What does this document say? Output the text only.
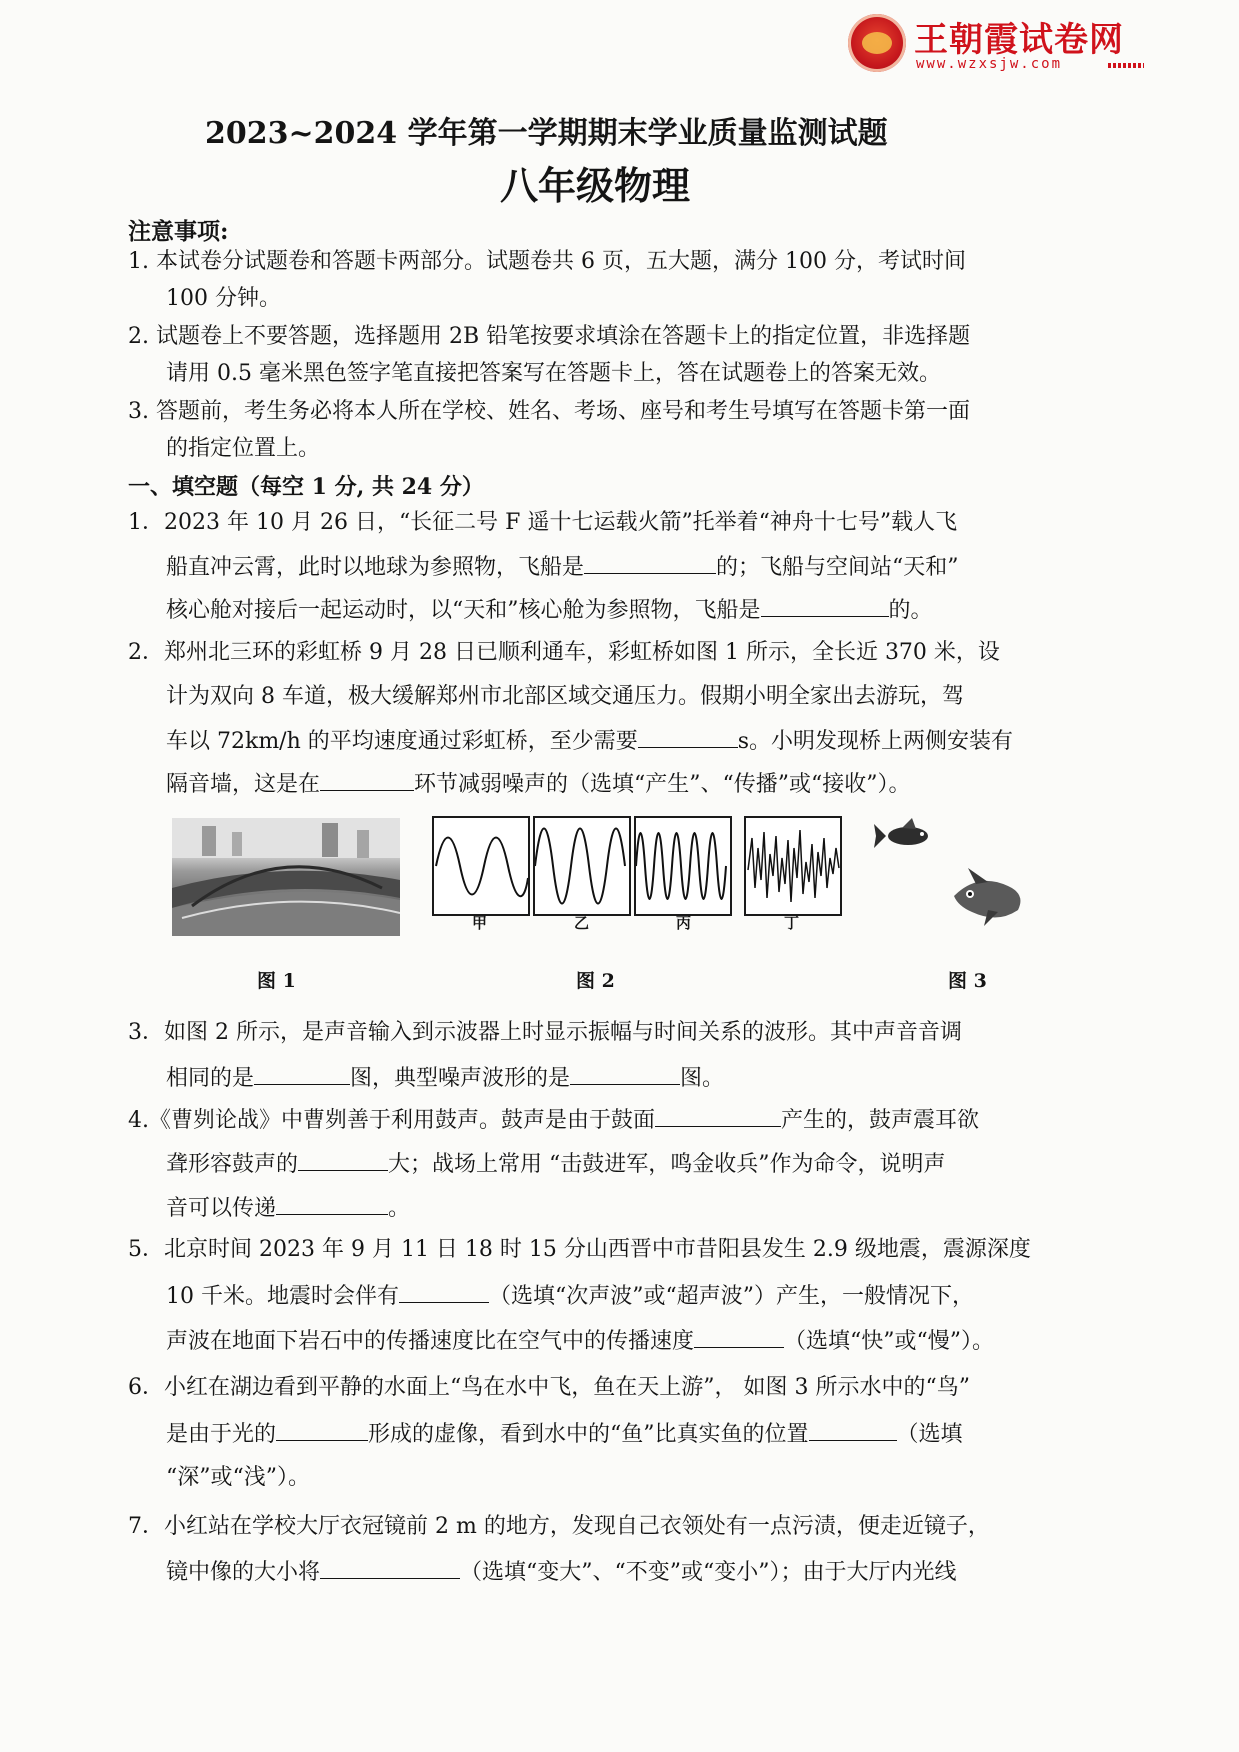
王朝霞试卷网
www.wzxsjw.com
2023~2024 学年第一学期期末学业质量监测试题
八年级物理
注意事项:
1. 本试卷分试题卷和答题卡两部分。试题卷共 6 页，五大题，满分 100 分，考试时间
100 分钟。
2. 试题卷上不要答题，选择题用 2B 铅笔按要求填涂在答题卡上的指定位置，非选择题
请用 0.5 毫米黑色签字笔直接把答案写在答题卡上，答在试题卷上的答案无效。
3. 答题前，考生务必将本人所在学校、姓名、考场、座号和考生号填写在答题卡第一面
的指定位置上。
一、填空题（每空 1 分, 共 24 分）
1．2023 年 10 月 26 日，“长征二号 F 遥十七运载火箭”托举着“神舟十七号”载人飞
船直冲云霄，此时以地球为参照物，飞船是	的；飞船与空间站“天和”
核心舱对接后一起运动时，以“天和”核心舱为参照物，飞船是	的。
2．郑州北三环的彩虹桥 9 月 28 日已顺利通车，彩虹桥如图 1 所示，全长近 370 米，设
计为双向 8 车道，极大缓解郑州市北部区域交通压力。假期小明全家出去游玩，驾
车以 72km/h 的平均速度通过彩虹桥，至少需要	s。小明发现桥上两侧安装有
隔音墙，这是在	环节减弱噪声的（选填“产生”、“传播”或“接收”）。
甲	乙	丙	丁
图 1	图 2	图 3
3．如图 2 所示，是声音输入到示波器上时显示振幅与时间关系的波形。其中声音音调
相同的是	图，典型噪声波形的是	图。
4.《曹刿论战》中曹刿善于利用鼓声。鼓声是由于鼓面	产生的，鼓声震耳欲
聋形容鼓声的	大；战场上常用 “击鼓进军，鸣金收兵”作为命令，说明声
音可以传递	。
5．北京时间 2023 年 9 月 11 日 18 时 15 分山西晋中市昔阳县发生 2.9 级地震，震源深度
10 千米。地震时会伴有	（选填“次声波”或“超声波”）产生，一般情况下，
声波在地面下岩石中的传播速度比在空气中的传播速度	（选填“快”或“慢”）。
6．小红在湖边看到平静的水面上“鸟在水中飞，鱼在天上游”， 如图 3 所示水中的“鸟”
是由于光的	形成的虚像，看到水中的“鱼”比真实鱼的位置	（选填
“深”或“浅”）。
7．小红站在学校大厅衣冠镜前 2 m 的地方，发现自己衣领处有一点污渍，便走近镜子，
镜中像的大小将	（选填“变大”、“不变”或“变小”）；由于大厅内光线
